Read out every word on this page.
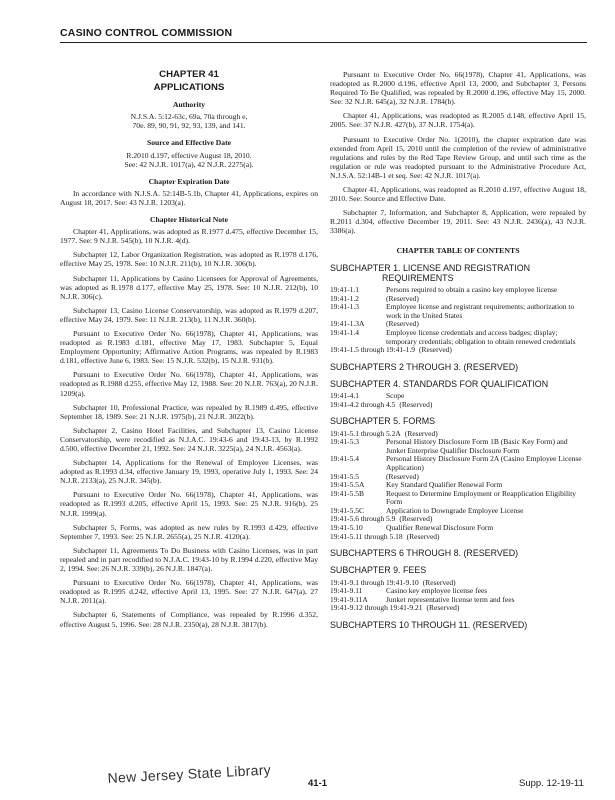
CASINO CONTROL COMMISSION
CHAPTER 41
APPLICATIONS
Authority

N.J.S.A. 5:12-63c, 69a, 70a through e,

70e. 89, 90, 91, 92, 93, 139, and 141.

Source and Effective Date

R.2010 d.197, effective August 18, 2010.

See: 42 N.J.R. 1017(a), 42 N.J.R. 2275(a).

Chapter Expiration Date

In accordance with N.J.S.A. 52:14B-5.1b, Chapter 41, Applications, expires on August 18, 2017. See: 43 N.J.R. 1203(a).

Chapter Historical Note

Chapter 41, Applications, was adopted as R.1977 d.475, effective December 15, 1977. See: 9 N.J.R. 545(b), 10 N.J.R. 4(d).

Subchapter 12, Labor Organization Registration, was adopted as R.1978 d.176, effective May 25, 1978. See: 10 N.J.R. 211(b), 10 N.J.R. 306(b).

Subchapter 11, Applications by Casino Licensees for Approval of Agreements, was adopted as R.1978 d.177, effective May 25, 1978. See: 10 N.J.R. 212(b), 10 N.J.R. 306(c).

Subchapter 13, Casino License Conservatorship, was adopted as R.1979 d.207, effective May 24, 1979. See: 11 N.J.R. 213(b), 11 N.J.R. 360(b).

Pursuant to Executive Order No. 66(1978), Chapter 41, Applications, was readopted as R.1983 d.181, effective May 17, 1983. Subchapter 5, Equal Employment Opportunity; Affirmative Action Programs, was repealed by R.1983 d.181, effective June 6, 1983. See: 15 N.J.R. 532(b), 15 N.J.R. 931(b).

Pursuant to Executive Order No. 66(1978), Chapter 41, Applications, was readopted as R.1988 d.255, effective May 12, 1988. See: 20 N.J.R. 763(a), 20 N.J.R. 1209(a).

Subchapter 10, Professional Practice, was repealed by R.1989 d.495, effective September 18, 1989. See: 21 N.J.R. 1975(b), 21 N.J.R. 3022(b).

Subchapter 2, Casino Hotel Facilities, and Subchapter 13, Casino License Conservatorship, were recodified as N.J.A.C. 19:43-6 and 19:43-13, by R.1992 d.500, effective December 21, 1992. See: 24 N.J.R. 3225(a), 24 N.J.R. 4563(a).

Subchapter 14, Applications for the Renewal of Employee Licenses, was adopted as R.1993 d.34, effective January 19, 1993, operative July 1, 1993. See: 24 N.J.R. 2133(a), 25 N.J.R. 345(b).

Pursuant to Executive Order No. 66(1978), Chapter 41, Applications, was readopted as R.1993 d.205, effective April 15, 1993. See: 25 N.J.R. 916(b), 25 N.J.R. 1999(a).

Subchapter 5, Forms, was adopted as new rules by R.1993 d.429, effective September 7, 1993. See: 25 N.J.R. 2655(a), 25 N.J.R. 4120(a).

Subchapter 11, Agreements To Do Business with Casino Licenses, was in part repealed and in part recodified to N.J.A.C. 19:43-10 by R.1994 d.220, effective May 2, 1994. See: 26 N.J.R. 339(b), 26 N.J.R. 1847(a).

Pursuant to Executive Order No. 66(1978), Chapter 41, Applications, was readopted as R.1995 d.242, effective April 13, 1995. See: 27 N.J.R. 647(a), 27 N.J.R. 2011(a).

Subchapter 6, Statements of Compliance, was repealed by R.1996 d.352, effective August 5, 1996. See: 28 N.J.R. 2350(a), 28 N.J.R. 3817(b).

Pursuant to Executive Order No. 66(1978), Chapter 41, Applications, was readopted as R.2000 d.196, effective April 13, 2000, and Subchapter 3, Persons Required To Be Qualified, was repealed by R.2000 d.196, effective May 15, 2000. See: 32 N.J.R. 645(a), 32 N.J.R. 1784(b).

Chapter 41, Applications, was readopted as R.2005 d.148, effective April 15, 2005. See: 37 N.J.R. 427(b), 37 N.J.R. 1754(a).

Pursuant to Executive Order No. 1(2010), the chapter expiration date was extended from April 15, 2010 until the completion of the review of administrative regulations and rules by the Red Tape Review Group, and until such time as the regulation or rule was readopted pursuant to the Administrative Procedure Act, N.J.S.A. 52:14B-1 et seq. See: 42 N.J.R. 1017(a).

Chapter 41, Applications, was readopted as R.2010 d.197, effective August 18, 2010. See: Source and Effective Date.

Subchapter 7, Information, and Subchapter 8, Application, were repealed by R.2011 d.304, effective December 19, 2011. See: 43 N.J.R. 2436(a), 43 N.J.R. 3386(a).

CHAPTER TABLE OF CONTENTS
SUBCHAPTER 1. LICENSE AND REGISTRATION
REQUIREMENTS
19:41-1.1	Persons required to obtain a casino key employee license
19:41-1.2	(Reserved)
19:41-1.3	Employee license and registrant requirements; authorization to work in the United States
19:41-1.3A	(Reserved)
19:41-1.4	Employee license credentials and access badges; display; temporary credentials; obligation to obtain renewed credentials
19:41-1.5 through 19:41-1.9 (Reserved)
SUBCHAPTERS 2 THROUGH 3. (RESERVED)
SUBCHAPTER 4. STANDARDS FOR QUALIFICATION
19:41-4.1	Scope
19:41-4.2 through 4.5 (Reserved)
SUBCHAPTER 5. FORMS
19:41-5.1 through 5.2A (Reserved)
19:41-5.3	Personal History Disclosure Form 1B (Basic Key Form) and Junket Enterprise Qualifier Disclosure Form
19:41-5.4	Personal History Disclosure Form 2A (Casino Employee License Application)
19:41-5.5	(Reserved)
19:41-5.5A	Key Standard Qualifier Renewal Form
19:41-5.5B	Request to Determine Employment or Reapplication Eligibility Form
19:41-5.5C	Application to Downgrade Employee License
19:41-5.6 through 5.9 (Reserved)
19:41-5.10	Qualifier Renewal Disclosure Form
19:41-5.11 through 5.18 (Reserved)
SUBCHAPTERS 6 THROUGH 8. (RESERVED)
SUBCHAPTER 9. FEES
19:41-9.1 through 19:41-9.10 (Reserved)
19:41-9.11	Casino key employee license fees
19:41-9.11A	Junket representative license term and fees
19:41-9.12 through 19:41-9.21 (Reserved)
SUBCHAPTERS 10 THROUGH 11. (RESERVED)
New Jersey State Library	41-1	Supp. 12-19-11
